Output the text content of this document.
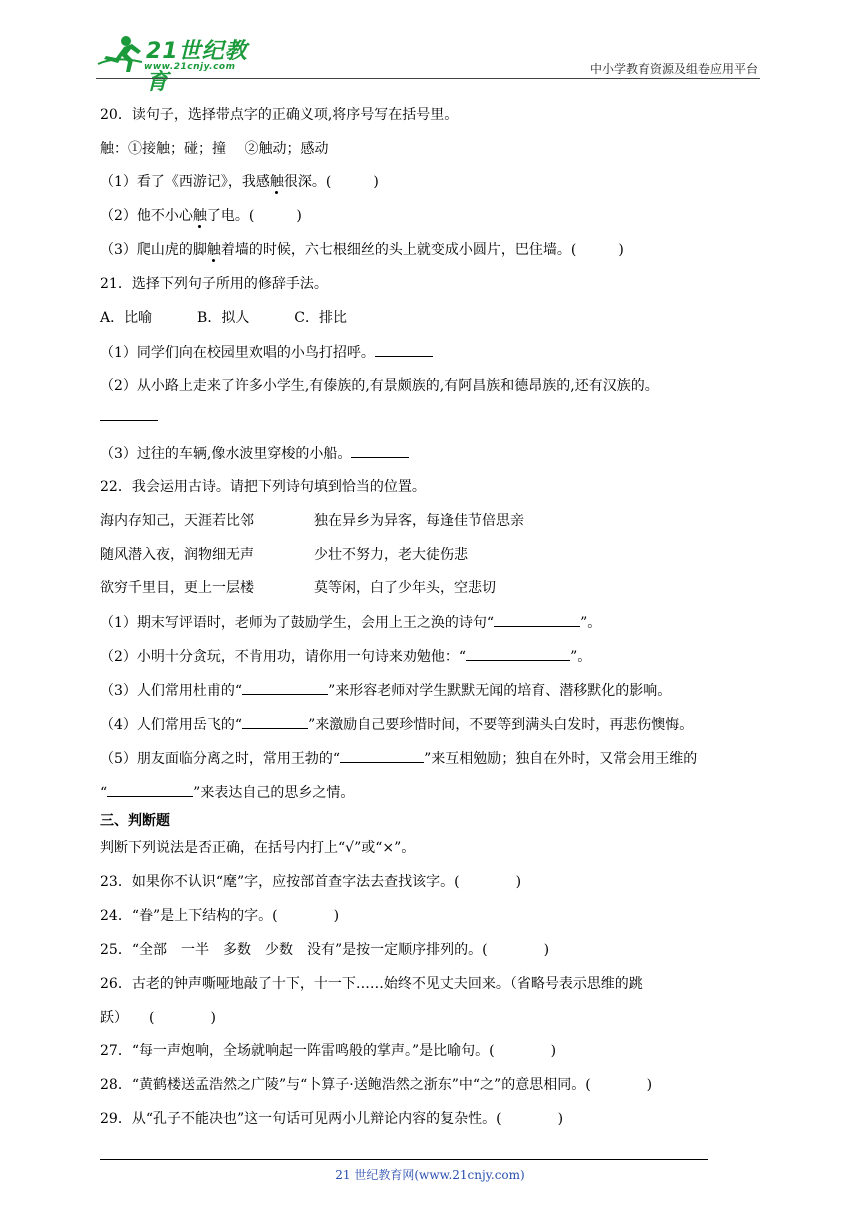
21世纪教育
www.21cnjy.com	中小学教育资源及组卷应用平台
20．读句子，选择带点字的正确义项,将序号写在括号里。
触：①接触；碰；撞　 ②触动；感动
（1）看了《西游记》，我感触很深。(　　　)
（2）他不小心触了电。(　　　)
（3）爬山虎的脚触着墙的时候，六七根细丝的头上就变成小圆片，巴住墙。(　　　)
21．选择下列句子所用的修辞手法。
A．比喻	B．拟人	C．排比
（1）同学们向在校园里欢唱的小鸟打招呼。
（2）从小路上走来了许多小学生,有傣族的,有景颇族的,有阿昌族和德昂族的,还有汉族的。
（3）过往的车辆,像水波里穿梭的小船。
22．我会运用古诗。请把下列诗句填到恰当的位置。
海内存知己，天涯若比邻	独在异乡为异客，每逢佳节倍思亲
随风潜入夜，润物细无声	少壮不努力，老大徒伤悲
欲穷千里目，更上一层楼	莫等闲，白了少年头，空悲切
（1）期末写评语时，老师为了鼓励学生，会用上王之涣的诗句“	”。
（2）小明十分贪玩，不肯用功，请你用一句诗来劝勉他：“	”。
（3）人们常用杜甫的“	”来形容老师对学生默默无闻的培育、潜移默化的影响。
（4）人们常用岳飞的“	”来激励自己要珍惜时间，不要等到满头白发时，再悲伤懊悔。
（5）朋友面临分离之时，常用王勃的“	”来互相勉励；独自在外时，又常会用王维的
“	”来表达自己的思乡之情。
三、判断题
判断下列说法是否正确，在括号内打上“√”或“×”。
23．如果你不认识“麾”字，应按部首查字法去查找该字。(　　　　)
24．“眷”是上下结构的字。(　　　　)
25．“全部　一半　多数　少数　没有”是按一定顺序排列的。(　　　　)
26．古老的钟声嘶哑地敲了十下，十一下……始终不见丈夫回来。（省略号表示思维的跳
跃）　　(　　　　)
27．“每一声炮响，全场就响起一阵雷鸣般的掌声。”是比喻句。(　　　　)
28．“黄鹤楼送孟浩然之广陵”与“卜算子·送鲍浩然之浙东”中“之”的意思相同。(　　　　)
29．从“孔子不能决也”这一句话可见两小儿辩论内容的复杂性。(　　　　)
21 世纪教育网(www.21cnjy.com)
